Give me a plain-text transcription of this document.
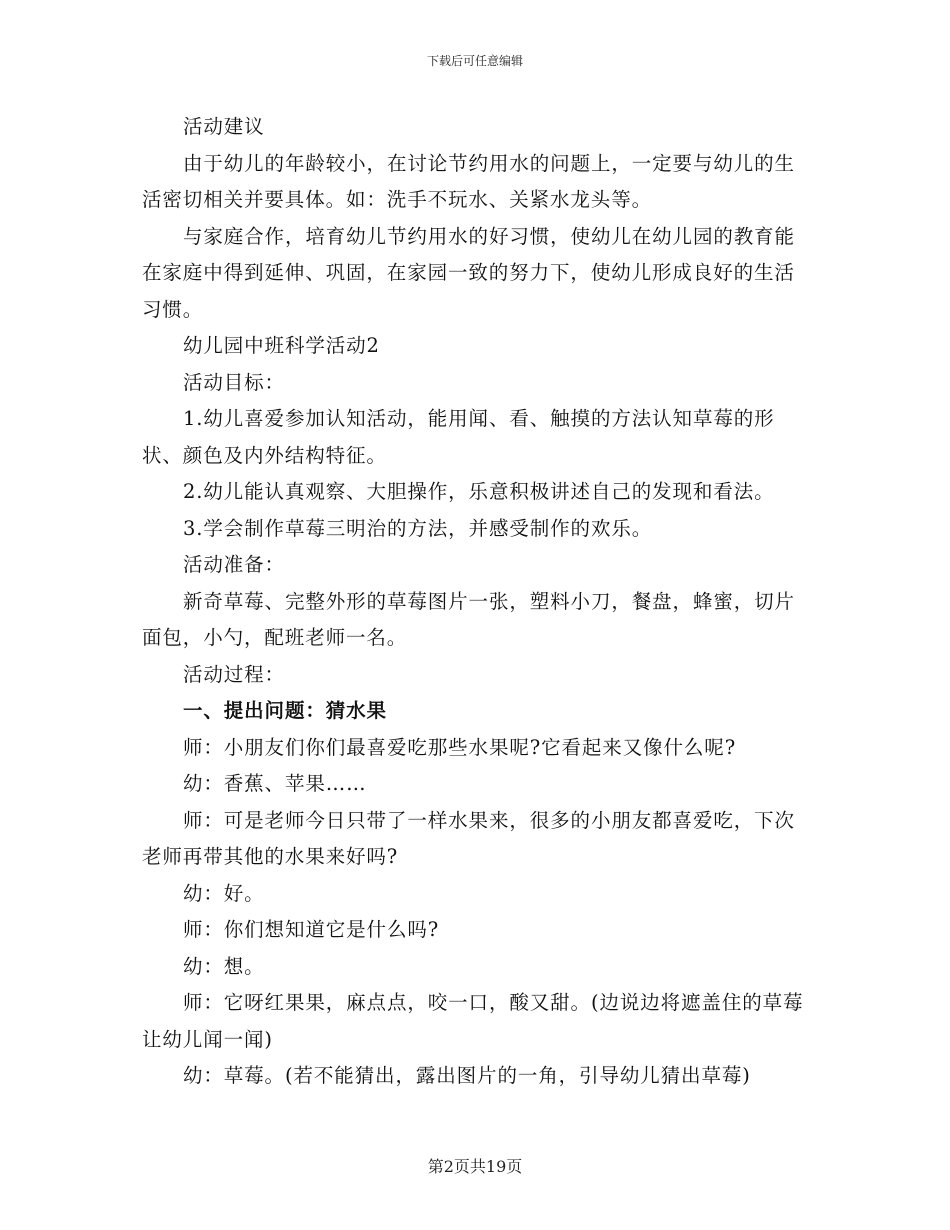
下载后可任意编辑

活动建议

由于幼儿的年龄较小，在讨论节约用水的问题上，一定要与幼儿的生活密切相关并要具体。如：洗手不玩水、关紧水龙头等。

与家庭合作，培育幼儿节约用水的好习惯，使幼儿在幼儿园的教育能在家庭中得到延伸、巩固，在家园一致的努力下，使幼儿形成良好的生活习惯。

幼儿园中班科学活动2

活动目标：

1.幼儿喜爱参加认知活动，能用闻、看、触摸的方法认知草莓的形状、颜色及内外结构特征。

2.幼儿能认真观察、大胆操作，乐意积极讲述自己的发现和看法。

3.学会制作草莓三明治的方法，并感受制作的欢乐。

活动准备：

新奇草莓、完整外形的草莓图片一张，塑料小刀，餐盘，蜂蜜，切片面包，小勺，配班老师一名。

活动过程：

一、提出问题：猜水果

师：小朋友们你们最喜爱吃那些水果呢?它看起来又像什么呢?

幼：香蕉、苹果……

师：可是老师今日只带了一样水果来，很多的小朋友都喜爱吃，下次老师再带其他的水果来好吗?

幼：好。

师：你们想知道它是什么吗?

幼：想。

师：它呀红果果，麻点点，咬一口，酸又甜。(边说边将遮盖住的草莓让幼儿闻一闻)

幼：草莓。(若不能猜出，露出图片的一角，引导幼儿猜出草莓)

第2页共19页
